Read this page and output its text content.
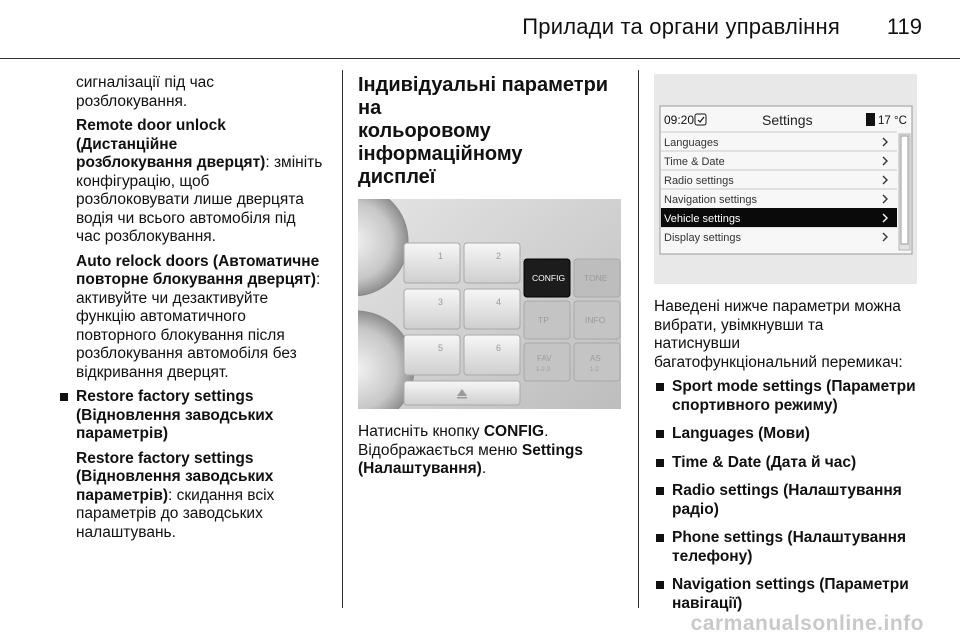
Прилади та органи управління 119

сигналізації під час
розблокування.

Remote door unlock (Дистанційне
розблокування дверцят): змініть
конфігурацію, щоб
розблоковувати лише дверцята
водія чи всього автомобіля під
час розблокування.

Auto relock doors (Автоматичне
повторне блокування дверцят):
активуйте чи дезактивуйте
функцію автоматичного
повторного блокування після
розблокування автомобіля без
відкривання дверцят.

Restore factory settings
(Відновлення заводських
параметрів)

Restore factory settings
(Відновлення заводських
параметрів): скидання всіх
параметрів до заводських
налаштувань.

Індивідуальні параметри на
кольоровому інформаційному
дисплеї
1	2
3	4
5	6
CONFIG TONE
TP	INFO
FAV	AS
1-2-3	1-2

Натисніть кнопку CONFIG.
Відображається меню Settings
(Налаштування).

09:20	Settings	17 °C
Languages
Time & Date
Radio settings
Navigation settings
Vehicle settings
Display settings

Наведені нижче параметри можна
вибрати, увімкнувши та
натиснувши
багатофункціональний перемикач:

Sport mode settings (Параметри
спортивного режиму)
Languages (Мови)
Time & Date (Дата й час)
Radio settings (Налаштування
радіо)
Phone settings (Налаштування
телефону)
Navigation settings (Параметри
навігації)
carmanualsonline.info
